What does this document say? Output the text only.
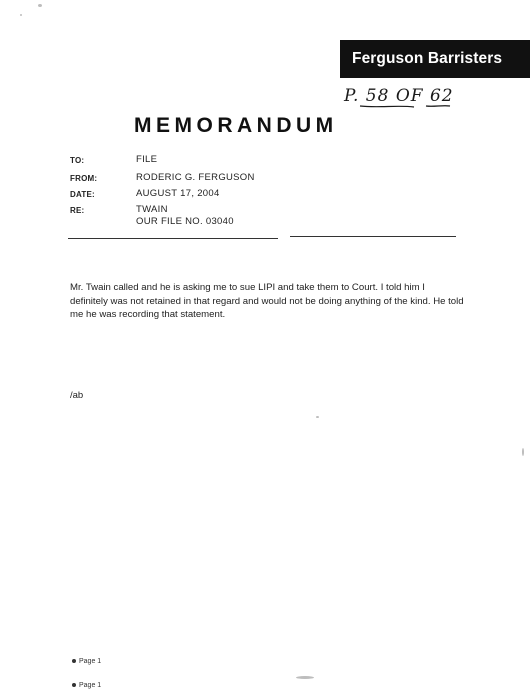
Ferguson Barristers
P. 58 OF 62
MEMORANDUM
TO:	FILE
FROM:	RODERIC G. FERGUSON
DATE:	AUGUST 17, 2004
RE:	TWAIN
OUR FILE NO. 03040

Mr. Twain called and he is asking me to sue LIPI and take them to Court. I told him I definitely was not retained in that regard and would not be doing anything of the kind. He told me he was recording that statement.

/ab
Page 1
Page 1
